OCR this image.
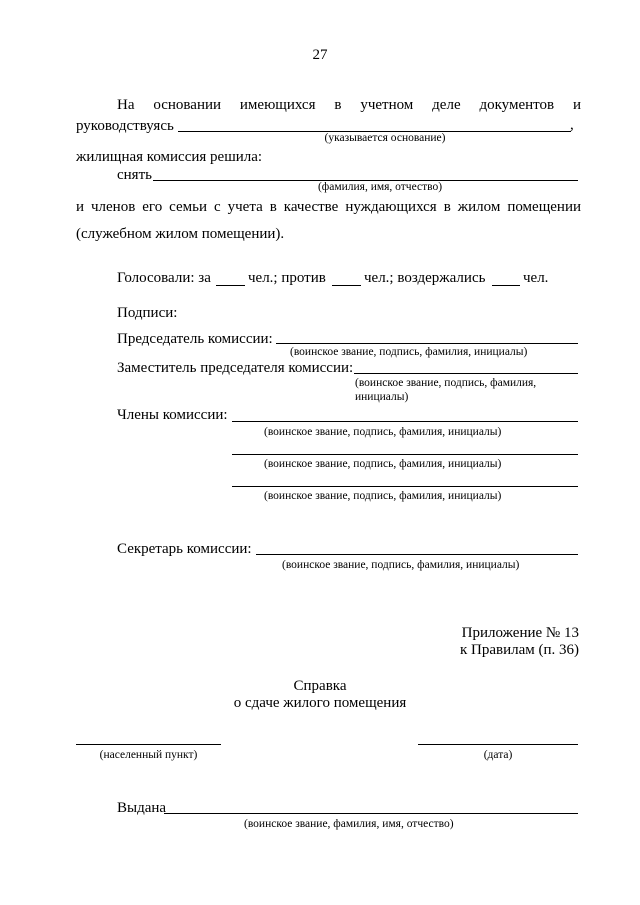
27
На основании имеющихся в учетном деле документов и
руководствуясь	,
(указывается основание)
жилищная комиссия решила:
снять
(фамилия, имя, отчество)
и членов его семьи с учета в качестве нуждающихся в жилом помещении
(служебном жилом помещении).
Голосовали: за чел.; против	чел.; воздержались	чел.
Подписи:
Председатель комиссии:
(воинское звание, подпись, фамилия, инициалы)
Заместитель председателя комиссии:
(воинское звание, подпись, фамилия,
инициалы)
Члены комиссии:
(воинское звание, подпись, фамилия, инициалы)
(воинское звание, подпись, фамилия, инициалы)
(воинское звание, подпись, фамилия, инициалы)
Секретарь комиссии:
(воинское звание, подпись, фамилия, инициалы)
Приложение № 13
к Правилам (п. 36)
Справка
о сдаче жилого помещения
(населенный пункт)	(дата)
Выдана
(воинское звание, фамилия, имя, отчество)
